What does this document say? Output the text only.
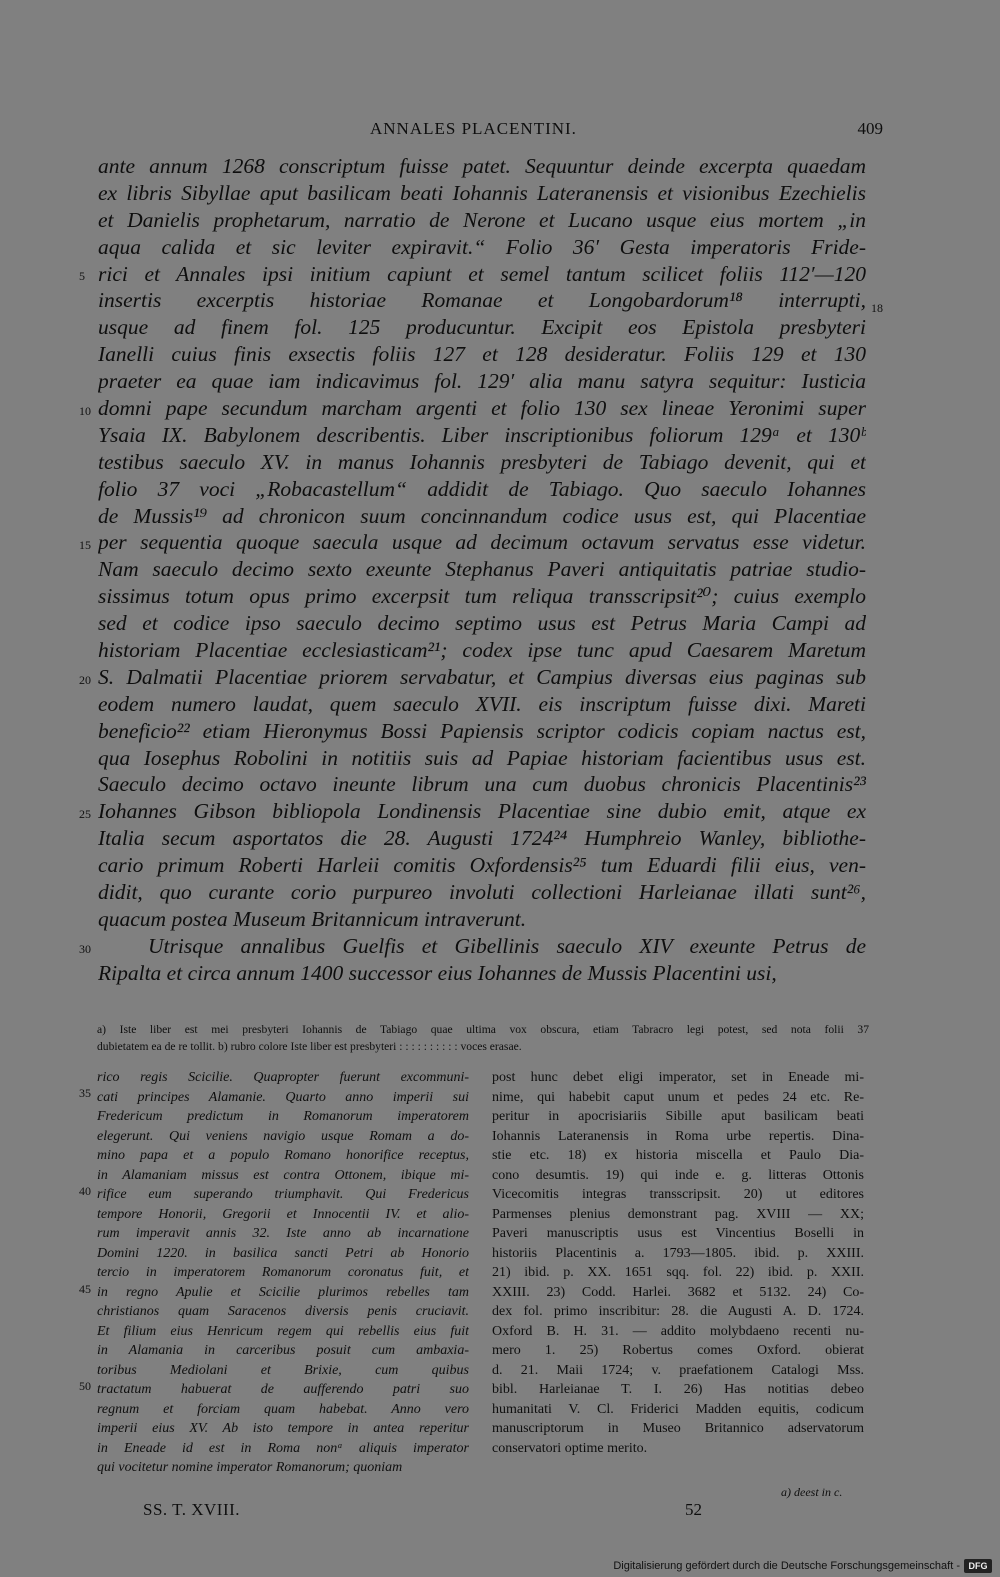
ANNALES PLACENTINI.	409
ante annum 1268 conscriptum fuisse patet. Sequuntur deinde excerpta quaedam
ex libris Sibyllae aput basilicam beati Iohannis Lateranensis et visionibus Ezechielis
et Danielis prophetarum, narratio de Nerone et Lucano usque eius mortem „in
aqua calida et sic leviter expiravit.“ Folio 36′ Gesta imperatoris Fride-
rici et Annales ipsi initium capiunt et semel tantum scilicet foliis 112′—120
insertis excerptis historiae Romanae et Longobardorum¹⁸ interrupti,
usque ad finem fol. 125 producuntur. Excipit eos Epistola presbyteri
Ianelli cuius finis exsectis foliis 127 et 128 desideratur. Foliis 129 et 130
praeter ea quae iam indicavimus fol. 129′ alia manu satyra sequitur: Iusticia
domni pape secundum marcham argenti et folio 130 sex lineae Yeronimi super
Ysaia IX. Babylonem describentis. Liber inscriptionibus foliorum 129ᵃ et 130ᵇ
testibus saeculo XV. in manus Iohannis presbyteri de Tabiago devenit, qui et
folio 37 voci „Robacastellum“ addidit de Tabiago. Quo saeculo Iohannes
de Mussis¹⁹ ad chronicon suum concinnandum codice usus est, qui Placentiae
per sequentia quoque saecula usque ad decimum octavum servatus esse videtur.
Nam saeculo decimo sexto exeunte Stephanus Paveri antiquitatis patriae studio-
sissimus totum opus primo excerpsit tum reliqua transscripsit²⁰; cuius exemplo
sed et codice ipso saeculo decimo septimo usus est Petrus Maria Campi ad
historiam Placentiae ecclesiasticam²¹; codex ipse tunc apud Caesarem Maretum
S. Dalmatii Placentiae priorem servabatur, et Campius diversas eius paginas sub
eodem numero laudat, quem saeculo XVII. eis inscriptum fuisse dixi. Mareti
beneficio²² etiam Hieronymus Bossi Papiensis scriptor codicis copiam nactus est,
qua Iosephus Robolini in notitiis suis ad Papiae historiam facientibus usus est.
Saeculo decimo octavo ineunte librum una cum duobus chronicis Placentinis²³
Iohannes Gibson bibliopola Londinensis Placentiae sine dubio emit, atque ex
Italia secum asportatos die 28. Augusti 1724²⁴ Humphreio Wanley, bibliothe-
cario primum Roberti Harleii comitis Oxfordensis²⁵ tum Eduardi filii eius, ven-
didit, quo curante corio purpureo involuti collectioni Harleianae illati sunt²⁶,
quacum postea Museum Britannicum intraverunt.
Utrisque annalibus Guelfis et Gibellinis saeculo XIV exeunte Petrus de
Ripalta et circa annum 1400 successor eius Iohannes de Mussis Placentini usi,
5
10
15
20
25
30
18
a) Iste liber est mei presbyteri Iohannis de Tabiago quae ultima vox obscura, etiam Tabracro legi potest, sed nota folii 37
dubietatem ea de re tollit. b) rubro colore Iste liber est presbyteri : : : : : : : : : : voces erasae.
rico regis Scicilie. Quapropter fuerunt excommuni-
cati principes Alamanie. Quarto anno imperii sui
Fredericum predictum in Romanorum imperatorem
elegerunt. Qui veniens navigio usque Romam a do-
mino papa et a populo Romano honorifice receptus,
in Alamaniam missus est contra Ottonem, ibique mi-
rifice eum superando triumphavit. Qui Fredericus
tempore Honorii, Gregorii et Innocentii IV. et alio-
rum imperavit annis 32. Iste anno ab incarnatione
Domini 1220. in basilica sancti Petri ab Honorio
tercio in imperatorem Romanorum coronatus fuit, et
in regno Apulie et Scicilie plurimos rebelles tam
christianos quam Saracenos diversis penis cruciavit.
Et filium eius Henricum regem qui rebellis eius fuit
in Alamania in carceribus posuit cum ambaxia-
toribus Mediolani et Brixie, cum quibus
tractatum habuerat de aufferendo patri suo
regnum et forciam quam habebat. Anno vero
imperii eius XV. Ab isto tempore in antea reperitur
in Eneade id est in Roma nonᵃ aliquis imperator
qui vocitetur nomine imperator Romanorum; quoniam
35
40
45
50
post hunc debet eligi imperator, set in Eneade mi-
nime, qui habebit caput unum et pedes 24 etc. Re-
peritur in apocrisiariis Sibille aput basilicam beati
Iohannis Lateranensis in Roma urbe repertis. Dina-
stie etc. 18) ex historia miscella et Paulo Dia-
cono desumtis. 19) qui inde e. g. litteras Ottonis
Vicecomitis integras transscripsit. 20) ut editores
Parmenses plenius demonstrant pag. XVIII — XX;
Paveri manuscriptis usus est Vincentius Boselli in
historiis Placentinis a. 1793—1805. ibid. p. XXIII.
21) ibid. p. XX. 1651 sqq. fol. 22) ibid. p. XXII.
XXIII. 23) Codd. Harlei. 3682 et 5132. 24) Co-
dex fol. primo inscribitur: 28. die Augusti A. D. 1724.
Oxford B. H. 31. — addito molybdaeno recenti nu-
mero 1. 25) Robertus comes Oxford. obierat
d. 21. Maii 1724; v. praefationem Catalogi Mss.
bibl. Harleianae T. I. 26) Has notitias debeo
humanitati V. Cl. Friderici Madden equitis, codicum
manuscriptorum in Museo Britannico adservatorum
conservatori optime merito.
a) deest in c.
SS. T. XVIII.	52
Digitalisierung gefördert durch die Deutsche Forschungsgemeinschaft - DFG
